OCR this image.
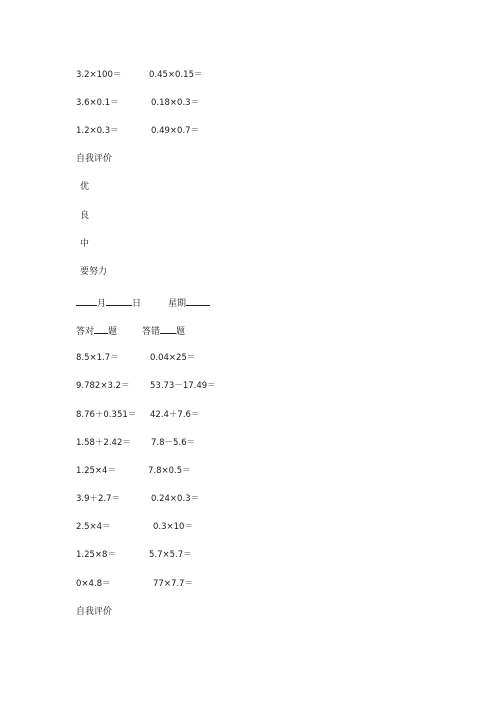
3.2×100＝	0.45×0.15＝
3.6×0.1＝	0.18×0.3＝
1.2×0.3＝	0.49×0.7＝
自我评价
优
良
中
要努力
月	日	星期
答对 题	答错 题
8.5×1.7＝	0.04×25＝
9.782×3.2＝ 53.73－17.49＝
8.76＋0.351＝ 42.4＋7.6＝
1.58＋2.42＝ 7.8－5.6＝
1.25×4＝	7.8×0.5＝
3.9＋2.7＝	0.24×0.3＝
2.5×4＝	0.3×10＝
1.25×8＝	5.7×5.7＝
0×4.8＝	77×7.7＝
自我评价
